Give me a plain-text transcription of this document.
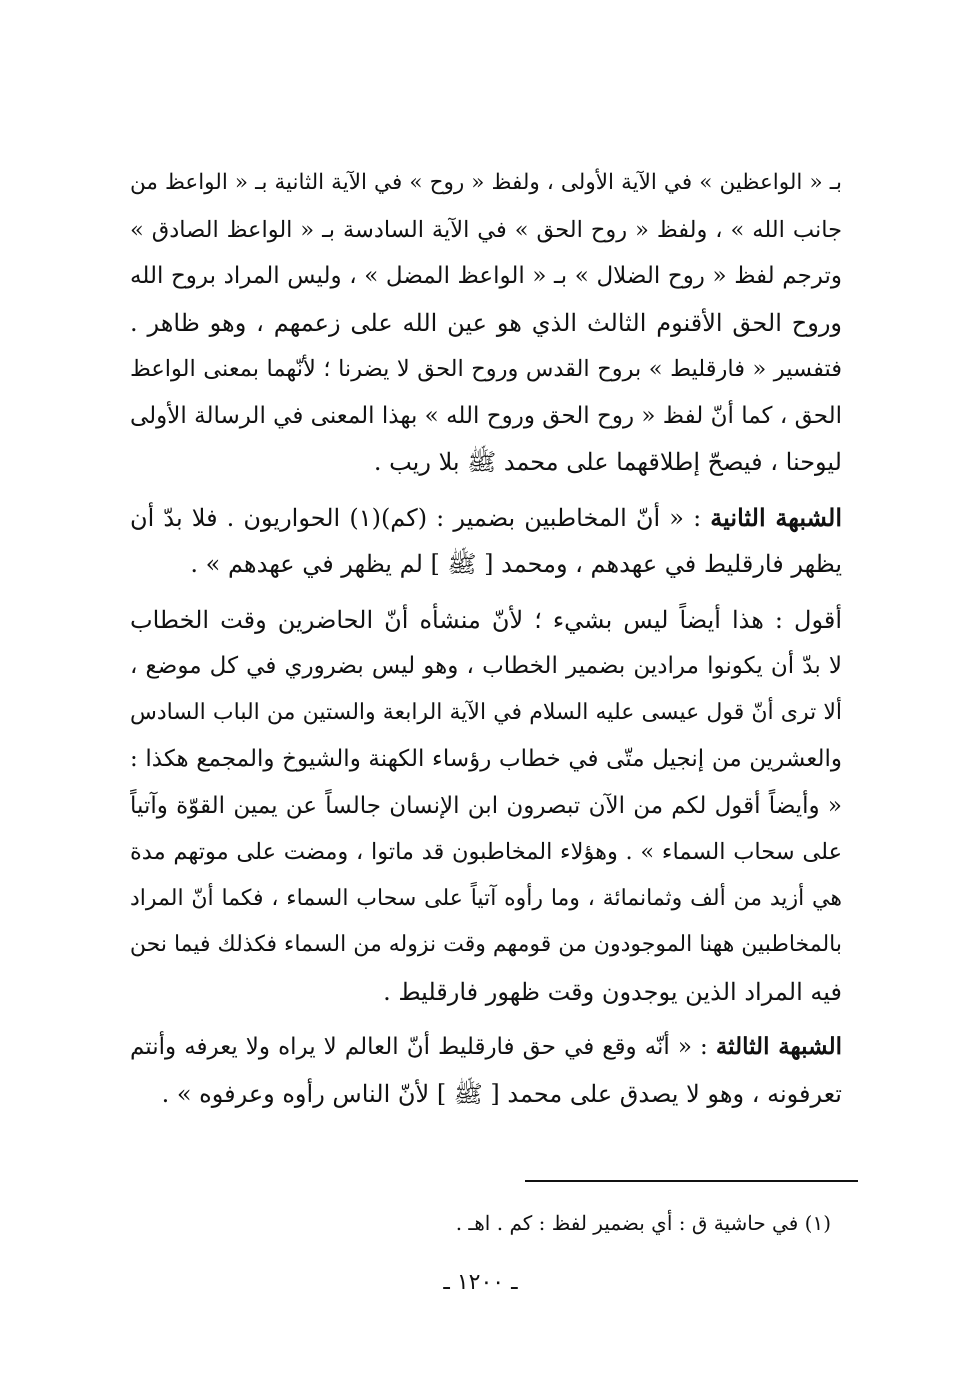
بـ « الواعظين » في الآية الأولى ، ولفظ « روح » في الآية الثانية بـ « الواعظ من
جانب الله » ، ولفظ « روح الحق » في الآية السادسة بـ « الواعظ الصادق »
وترجم لفظ « روح الضلال » بـ « الواعظ المضل » ، وليس المراد بروح الله
وروح الحق الأقنوم الثالث الذي هو عين الله على زعمهم ، وهو ظاهر .
فتفسير « فارقليط » بروح القدس وروح الحق لا يضرنا ؛ لأنّهما بمعنى الواعظ
الحق ، كما أنّ لفظ « روح الحق وروح الله » بهذا المعنى في الرسالة الأولى
ليوحنا ، فيصحّ إطلاقهما على محمد ﷺ بلا ريب .

الشبهة الثانية : « أنّ المخاطبين بضمير : (كم)(١) الحواريون . فلا بدّ أن
يظهر فارقليط في عهدهم ، ومحمد [ ﷺ ] لم يظهر في عهدهم » .

أقول : هذا أيضاً ليس بشيء ؛ لأنّ منشأه أنّ الحاضرين وقت الخطاب
لا بدّ أن يكونوا مرادين بضمير الخطاب ، وهو ليس بضروري في كل موضع ،
ألا ترى أنّ قول عيسى عليه السلام في الآية الرابعة والستين من الباب السادس
والعشرين من إنجيل متّى في خطاب رؤساء الكهنة والشيوخ والمجمع هكذا :
« وأيضاً أقول لكم من الآن تبصرون ابن الإنسان جالساً عن يمين القوّة وآتياً
على سحاب السماء » . وهؤلاء المخاطبون قد ماتوا ، ومضت على موتهم مدة
هي أزيد من ألف وثمانمائة ، وما رأوه آتياً على سحاب السماء ، فكما أنّ المراد
بالمخاطبين ههنا الموجودون من قومهم وقت نزوله من السماء فكذلك فيما نحن
فيه المراد الذين يوجدون وقت ظهور فارقليط .

الشبهة الثالثة : « أنّه وقع في حق فارقليط أنّ العالم لا يراه ولا يعرفه وأنتم
تعرفونه ، وهو لا يصدق على محمد [ ﷺ ] لأنّ الناس رأوه وعرفوه » .

(١) في حاشية ق : أي بضمير لفظ : كم . اهـ .
ـ ١٢٠٠ ـ
